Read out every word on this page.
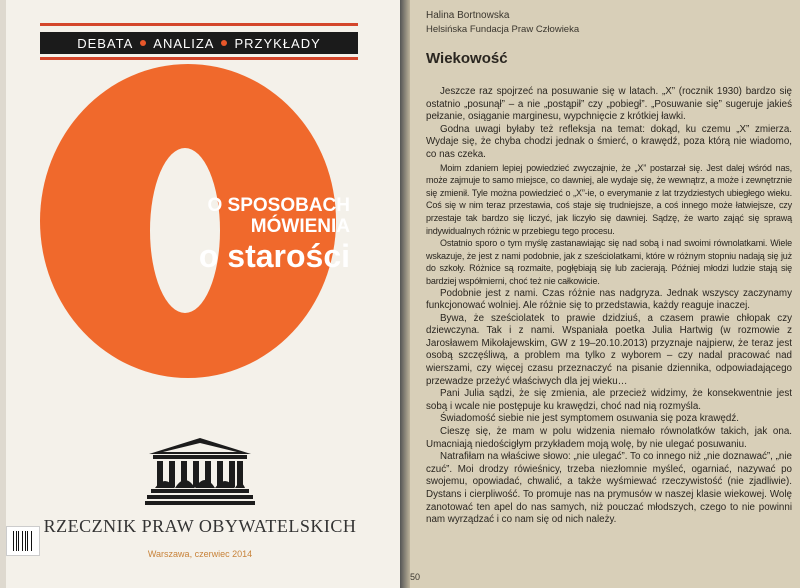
DEBATA ANALIZA PRZYKŁADY
O SPOSOBACH
MÓWIENIA
o starości
RZECZNIK PRAW OBYWATELSKICH
Warszawa, czerwiec 2014
Halina Bortnowska
Helsińska Fundacja Praw Człowieka
Wiekowość

Jeszcze raz spojrzeć na posuwanie się w latach. „X” (rocznik 1930) bardzo się ostatnio „posunął” – a nie „postąpił” czy „pobiegł”. „Posuwanie się” sugeruje jakieś pełzanie, osiąganie marginesu, wypchnięcie z krótkiej ławki.

Godna uwagi byłaby też refleksja na temat: dokąd, ku czemu „X” zmierza. Wydaje się, że chyba chodzi jednak o śmierć, o krawędź, poza którą nie wiadomo, co nas czeka.

Moim zdaniem lepiej powiedzieć zwyczajnie, że „X” postarzał się. Jest dalej wśród nas, może zajmuje to samo miejsce, co dawniej, ale wydaje się, że wewnątrz, a może i zewnętrznie się zmienił. Tyle można powiedzieć o „X”-ie, o everymanie z lat trzydziestych ubiegłego wieku. Coś się w nim teraz przestawia, coś staje się trudniejsze, a coś innego może łatwiejsze, czy przestaje tak bardzo się liczyć, jak liczyło się dawniej. Sądzę, że warto zająć się sprawą indywidualnych różnic w przebiegu tego procesu.

Ostatnio sporo o tym myślę zastanawiając się nad sobą i nad swoimi równolatkami. Wiele wskazuje, że jest z nami podobnie, jak z sześciolatkami, które w różnym stopniu nadają się już do szkoły. Różnice są rozmaite, pogłębiają się lub zacierają. Później młodzi ludzie stają się bardziej współmierni, choć też nie całkowicie.

Podobnie jest z nami. Czas różnie nas nadgryza. Jednak wszyscy zaczynamy funkcjonować wolniej. Ale różnie się to przedstawia, każdy reaguje inaczej.

Bywa, że sześciolatek to prawie dzidziuś, a czasem prawie chłopak czy dziewczyna. Tak i z nami. Wspaniała poetka Julia Hartwig (w rozmowie z Jarosławem Mikołajewskim, GW z 19–20.10.2013) przyznaje najpierw, że teraz jest osobą szczęśliwą, a problem ma tylko z wyborem – czy nadal pracować nad wierszami, czy więcej czasu przeznaczyć na pisanie dziennika, odpowiadającego przewadze przeżyć właściwych dla jej wieku…

Pani Julia sądzi, że się zmienia, ale przecież widzimy, że konsekwentnie jest sobą i wcale nie postępuje ku krawędzi, choć nad nią rozmyśla.

Świadomość siebie nie jest symptomem osuwania się poza krawędź.

Cieszę się, że mam w polu widzenia niemało równolatków takich, jak ona. Umacniają niedościgłym przykładem moją wolę, by nie ulegać posuwaniu.

Natrafiłam na właściwe słowo: „nie ulegać”. To co innego niż „nie doznawać”, „nie czuć”. Moi drodzy rówieśnicy, trzeba niezłomnie myśleć, ogarniać, nazywać po swojemu, opowiadać, chwalić, a także wyśmiewać rzeczywistość (nie zjadliwie). Dystans i cierpliwość. To promuje nas na prymusów w naszej klasie wiekowej. Wolę zanotować ten apel do nas samych, niż pouczać młodszych, czego to nie powinni nam wyrządzać i co nam się od nich należy.

50
